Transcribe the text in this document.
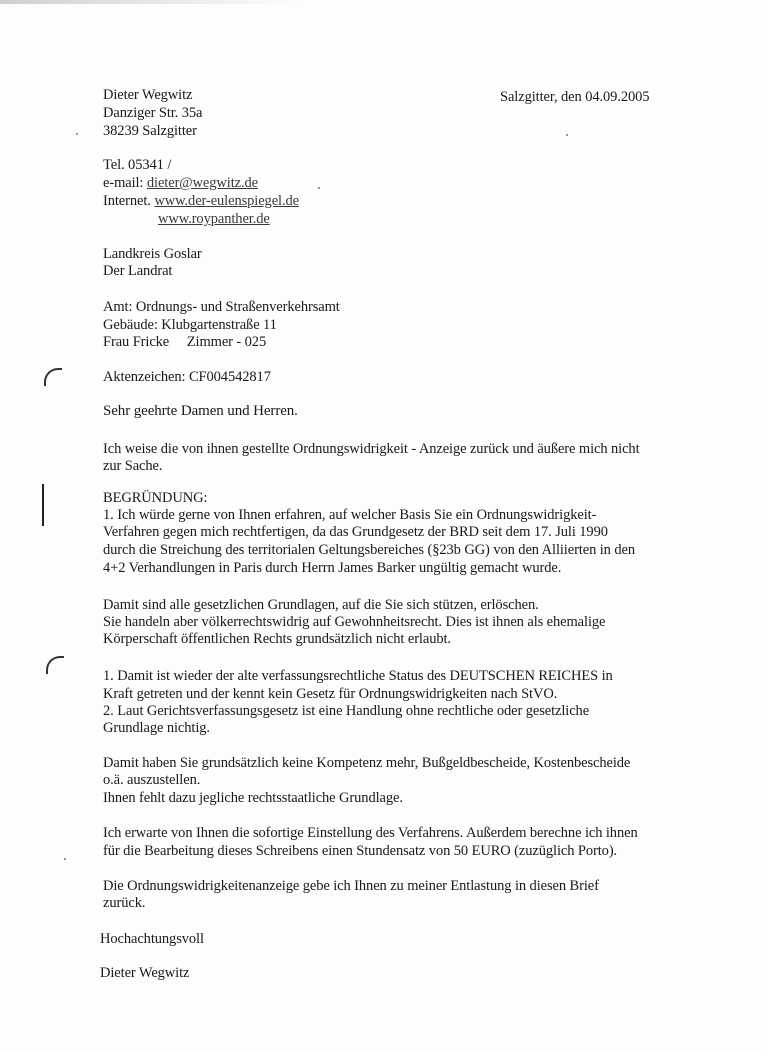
Dieter Wegwitz
Danziger Str. 35a
38239 Salzgitter
Salzgitter, den 04.09.2005
Tel. 05341 /
e-mail: dieter@wegwitz.de
Internet. www.der-eulenspiegel.de
www.roypanther.de
Landkreis Goslar
Der Landrat
Amt: Ordnungs- und Straßenverkehrsamt
Gebäude: Klubgartenstraße 11
Frau Fricke     Zimmer - 025
Aktenzeichen: CF004542817
Sehr geehrte Damen und Herren.
Ich weise die von ihnen gestellte Ordnungswidrigkeit - Anzeige zurück und äußere mich nicht
zur Sache.
BEGRÜNDUNG:
1. Ich würde gerne von Ihnen erfahren, auf welcher Basis Sie ein Ordnungswidrigkeit-
Verfahren gegen mich rechtfertigen, da das Grundgesetz der BRD seit dem 17. Juli 1990
durch die Streichung des territorialen Geltungsbereiches (§23b GG) von den Alliierten in den
4+2 Verhandlungen in Paris durch Herrn James Barker ungültig gemacht wurde.
Damit sind alle gesetzlichen Grundlagen, auf die Sie sich stützen, erlöschen.
Sie handeln aber völkerrechtswidrig auf Gewohnheitsrecht. Dies ist ihnen als ehemalige
Körperschaft öffentlichen Rechts grundsätzlich nicht erlaubt.
1. Damit ist wieder der alte verfassungsrechtliche Status des DEUTSCHEN REICHES in
Kraft getreten und der kennt kein Gesetz für Ordnungswidrigkeiten nach StVO.
2. Laut Gerichtsverfassungsgesetz ist eine Handlung ohne rechtliche oder gesetzliche
Grundlage nichtig.
Damit haben Sie grundsätzlich keine Kompetenz mehr, Bußgeldbescheide, Kostenbescheide
o.ä. auszustellen.
Ihnen fehlt dazu jegliche rechtsstaatliche Grundlage.
Ich erwarte von Ihnen die sofortige Einstellung des Verfahrens. Außerdem berechne ich ihnen
für die Bearbeitung dieses Schreibens einen Stundensatz von 50 EURO (zuzüglich Porto).
Die Ordnungswidrigkeitenanzeige gebe ich Ihnen zu meiner Entlastung in diesen Brief
zurück.
Hochachtungsvoll
Dieter Wegwitz
